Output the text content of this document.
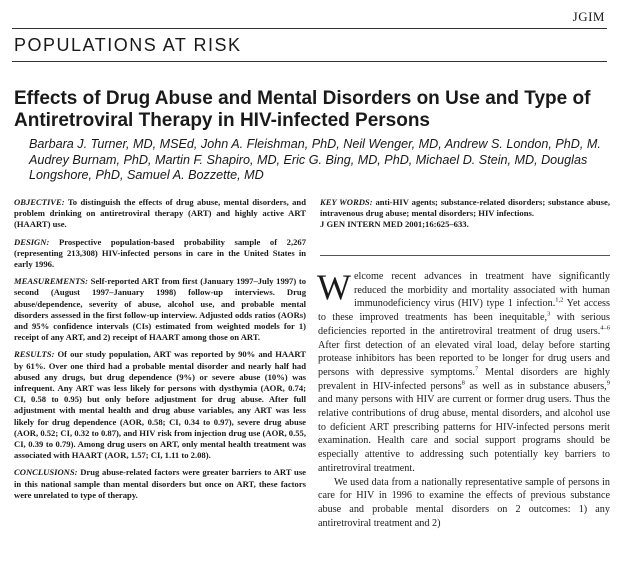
JGIM
POPULATIONS AT RISK
Effects of Drug Abuse and Mental Disorders on Use and Type of Antiretroviral Therapy in HIV-infected Persons
Barbara J. Turner, MD, MSEd, John A. Fleishman, PhD, Neil Wenger, MD, Andrew S. London, PhD, M. Audrey Burnam, PhD, Martin F. Shapiro, MD, Eric G. Bing, MD, PhD, Michael D. Stein, MD, Douglas Longshore, PhD, Samuel A. Bozzette, MD

OBJECTIVE: To distinguish the effects of drug abuse, mental disorders, and problem drinking on antiretroviral therapy (ART) and highly active ART (HAART) use.

DESIGN: Prospective population-based probability sample of 2,267 (representing 213,308) HIV-infected persons in care in the United States in early 1996.

MEASUREMENTS: Self-reported ART from first (January 1997–July 1997) to second (August 1997–January 1998) follow-up interviews. Drug abuse/dependence, severity of abuse, alcohol use, and probable mental disorders assessed in the first follow-up interview. Adjusted odds ratios (AORs) and 95% confidence intervals (CIs) estimated from weighted models for 1) receipt of any ART, and 2) receipt of HAART among those on ART.

RESULTS: Of our study population, ART was reported by 90% and HAART by 61%. Over one third had a probable mental disorder and nearly half had abused any drugs, but drug dependence (9%) or severe abuse (10%) was infrequent. Any ART was less likely for persons with dysthymia (AOR, 0.74; CI, 0.58 to 0.95) but only before adjustment for drug abuse. After full adjustment with mental health and drug abuse variables, any ART was less likely for drug dependence (AOR, 0.58; CI, 0.34 to 0.97), severe drug abuse (AOR, 0.52; CI, 0.32 to 0.87), and HIV risk from injection drug use (AOR, 0.55, CI, 0.39 to 0.79). Among drug users on ART, only mental health treatment was associated with HAART (AOR, 1.57; CI, 1.11 to 2.08).

CONCLUSIONS: Drug abuse-related factors were greater barriers to ART use in this national sample than mental disorders but once on ART, these factors were unrelated to type of therapy.

KEY WORDS: anti-HIV agents; substance-related disorders; substance abuse, intravenous drug abuse; mental disorders; HIV infections.

J GEN INTERN MED 2001;16:625–633.

Welcome recent advances in treatment have significantly reduced the morbidity and mortality associated with human immunodeficiency virus (HIV) type 1 infection.$^{1,2}$ Yet access to these improved treatments has been inequitable,$^3$ with serious deficiencies reported in the antiretroviral treatment of drug users.$^{4-6}$ After first detection of an elevated viral load, delay before starting protease inhibitors has been reported to be longer for drug users and persons with depressive symptoms.$^7$ Mental disorders are highly prevalent in HIV-infected persons$^8$ as well as in substance abusers,$^9$ and many persons with HIV are current or former drug users. Thus the relative contributions of drug abuse, mental disorders, and alcohol use to deficient ART prescribing patterns for HIV-infected persons merit examination. Health care and social support programs should be especially attentive to addressing such potentially key barriers to antiretroviral treatment.

We used data from a nationally representative sample of persons in care for HIV in 1996 to examine the effects of previous substance abuse and probable mental disorders on 2 outcomes: 1) any antiretroviral treatment and 2)
